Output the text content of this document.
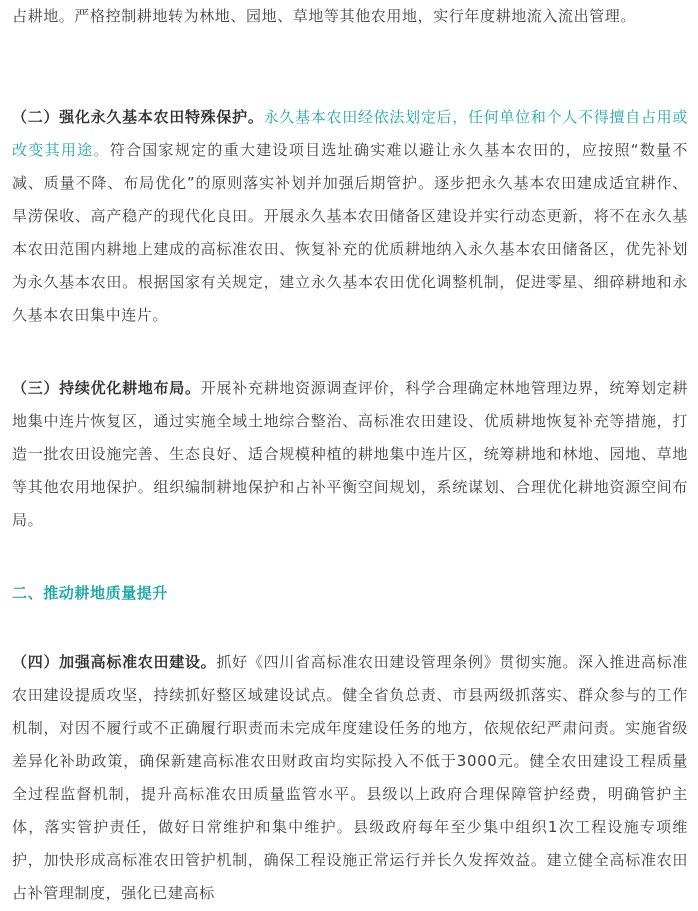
占耕地。严格控制耕地转为林地、园地、草地等其他农用地，实行年度耕地流入流出管理。

（二）强化永久基本农田特殊保护。永久基本农田经依法划定后，任何单位和个人不得擅自占用或改变其用途。符合国家规定的重大建设项目选址确实难以避让永久基本农田的，应按照“数量不减、质量不降、布局优化”的原则落实补划并加强后期管护。逐步把永久基本农田建成适宜耕作、旱涝保收、高产稳产的现代化良田。开展永久基本农田储备区建设并实行动态更新，将不在永久基本农田范围内耕地上建成的高标准农田、恢复补充的优质耕地纳入永久基本农田储备区，优先补划为永久基本农田。根据国家有关规定，建立永久基本农田优化调整机制，促进零星、细碎耕地和永久基本农田集中连片。

（三）持续优化耕地布局。开展补充耕地资源调查评价，科学合理确定林地管理边界，统筹划定耕地集中连片恢复区，通过实施全域土地综合整治、高标准农田建设、优质耕地恢复补充等措施，打造一批农田设施完善、生态良好、适合规模种植的耕地集中连片区，统筹耕地和林地、园地、草地等其他农用地保护。组织编制耕地保护和占补平衡空间规划，系统谋划、合理优化耕地资源空间布局。

二、推动耕地质量提升

（四）加强高标准农田建设。抓好《四川省高标准农田建设管理条例》贯彻实施。深入推进高标准农田建设提质攻坚，持续抓好整区域建设试点。健全省负总责、市县两级抓落实、群众参与的工作机制，对因不履行或不正确履行职责而未完成年度建设任务的地方，依规依纪严肃问责。实施省级差异化补助政策，确保新建高标准农田财政亩均实际投入不低于3000元。健全农田建设工程质量全过程监督机制，提升高标准农田质量监管水平。县级以上政府合理保障管护经费，明确管护主体，落实管护责任，做好日常维护和集中维护。县级政府每年至少集中组织1次工程设施专项维护，加快形成高标准农田管护机制，确保工程设施正常运行并长久发挥效益。建立健全高标准农田占补管理制度，强化已建高标
